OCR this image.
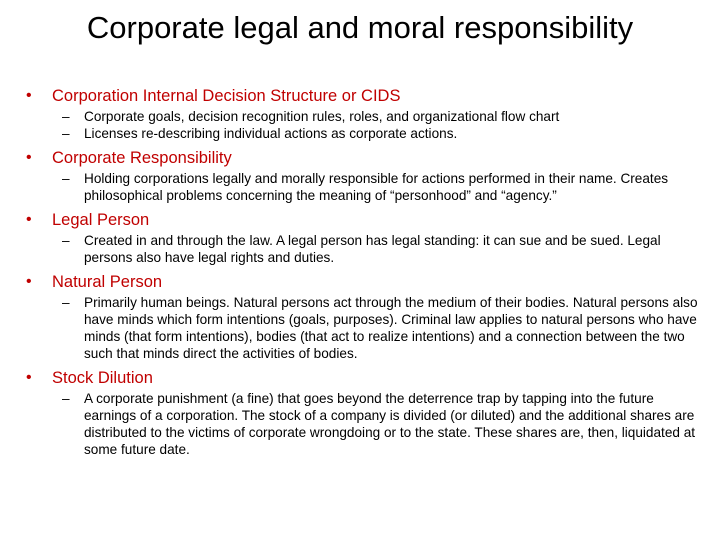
Corporate legal and moral responsibility
• Corporation Internal Decision Structure or CIDS
– Corporate goals, decision recognition rules, roles, and organizational flow chart
– Licenses re-describing individual actions as corporate actions.
• Corporate Responsibility
– Holding corporations legally and morally responsible for actions performed in their name. Creates philosophical problems concerning the meaning of “personhood” and “agency.”
• Legal Person
– Created in and through the law. A legal person has legal standing: it can sue and be sued. Legal persons also have legal rights and duties.
• Natural Person
– Primarily human beings. Natural persons act through the medium of their bodies. Natural persons also have minds which form intentions (goals, purposes). Criminal law applies to natural persons who have minds (that form intentions), bodies (that act to realize intentions) and a connection between the two such that minds direct the activities of bodies.
• Stock Dilution
– A corporate punishment (a fine) that goes beyond the deterrence trap by tapping into the future earnings of a corporation. The stock of a company is divided (or diluted) and the additional shares are distributed to the victims of corporate wrongdoing or to the state. These shares are, then, liquidated at some future date.
